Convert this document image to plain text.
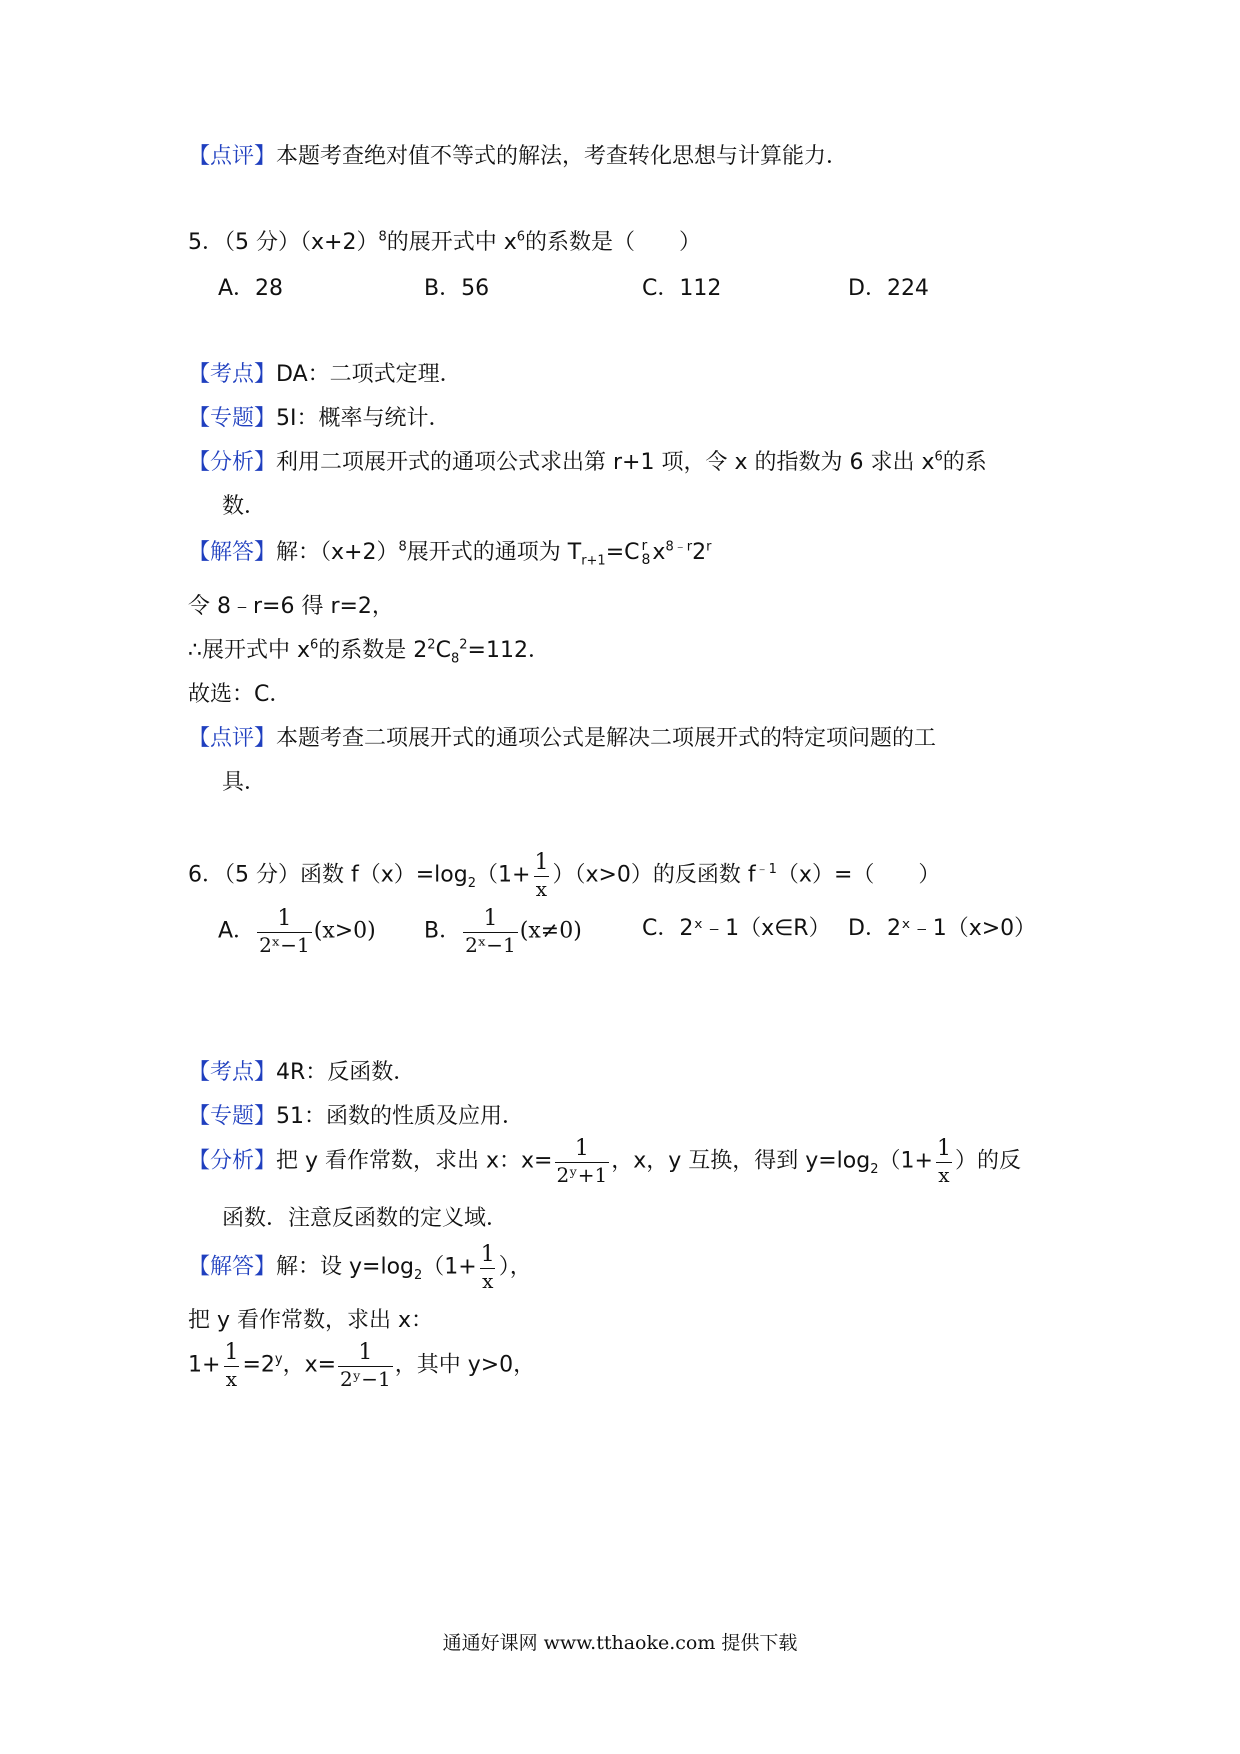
【点评】本题考查绝对值不等式的解法，考查转化思想与计算能力．
5．（5 分）$(x+2)^8$的展开式中 $x^6$的系数是（　　）
A．28	B．56	C．112	D．224
【考点】DA：二项式定理．
【专题】5I：概率与统计．
【分析】利用二项展开式的通项公式求出第 r+1 项，令 x 的指数为 6 求出 $x^6$的系
数．
【解答】解：$(x+2)^8$展开式的通项为 $T_{r+1}=C$ r
8 $x^{8﹣r}2^r$
令 8﹣r=6 得 r=2，
∴展开式中 $x^6$的系数是 $2^2C_8^2=112$．
故选：C．
【点评】本题考查二项展开式的通项公式是解决二项展开式的特定项问题的工
具．
6．（5 分）函数 $f(x)=\log_2(1+ \frac{1}{x} )(x>0)$的反函数 $f^{﹣1}(x)=$（　　）
A． $\frac{1}{\text{2ˣ−1}} (x>0)$ B． $\frac{1}{\text{2ˣ−1}} (x\ne 0)$	C．2ˣ﹣1（x∈R） D．2ˣ﹣1（x>0）
【考点】4R：反函数．
【专题】51：函数的性质及应用．
【分析】把 y 看作常数，求出 x：$x= \frac{1}{\text{2ʸ+1}}$ ，x，y 互换，得到 $y=\log_2(1+ \frac{1}{x}$ ）的反
函数．注意反函数的定义域．
【解答】解：设 $y=\log_2(1+ \frac{1}{x}$ ），
把 y 看作常数，求出 x：
$1+ \frac{1}{x} =2^y$，$x= \frac{1}{\text{2ʸ−1}}$ ，其中 y>0，
通通好课网 www.tthaoke.com 提供下载
